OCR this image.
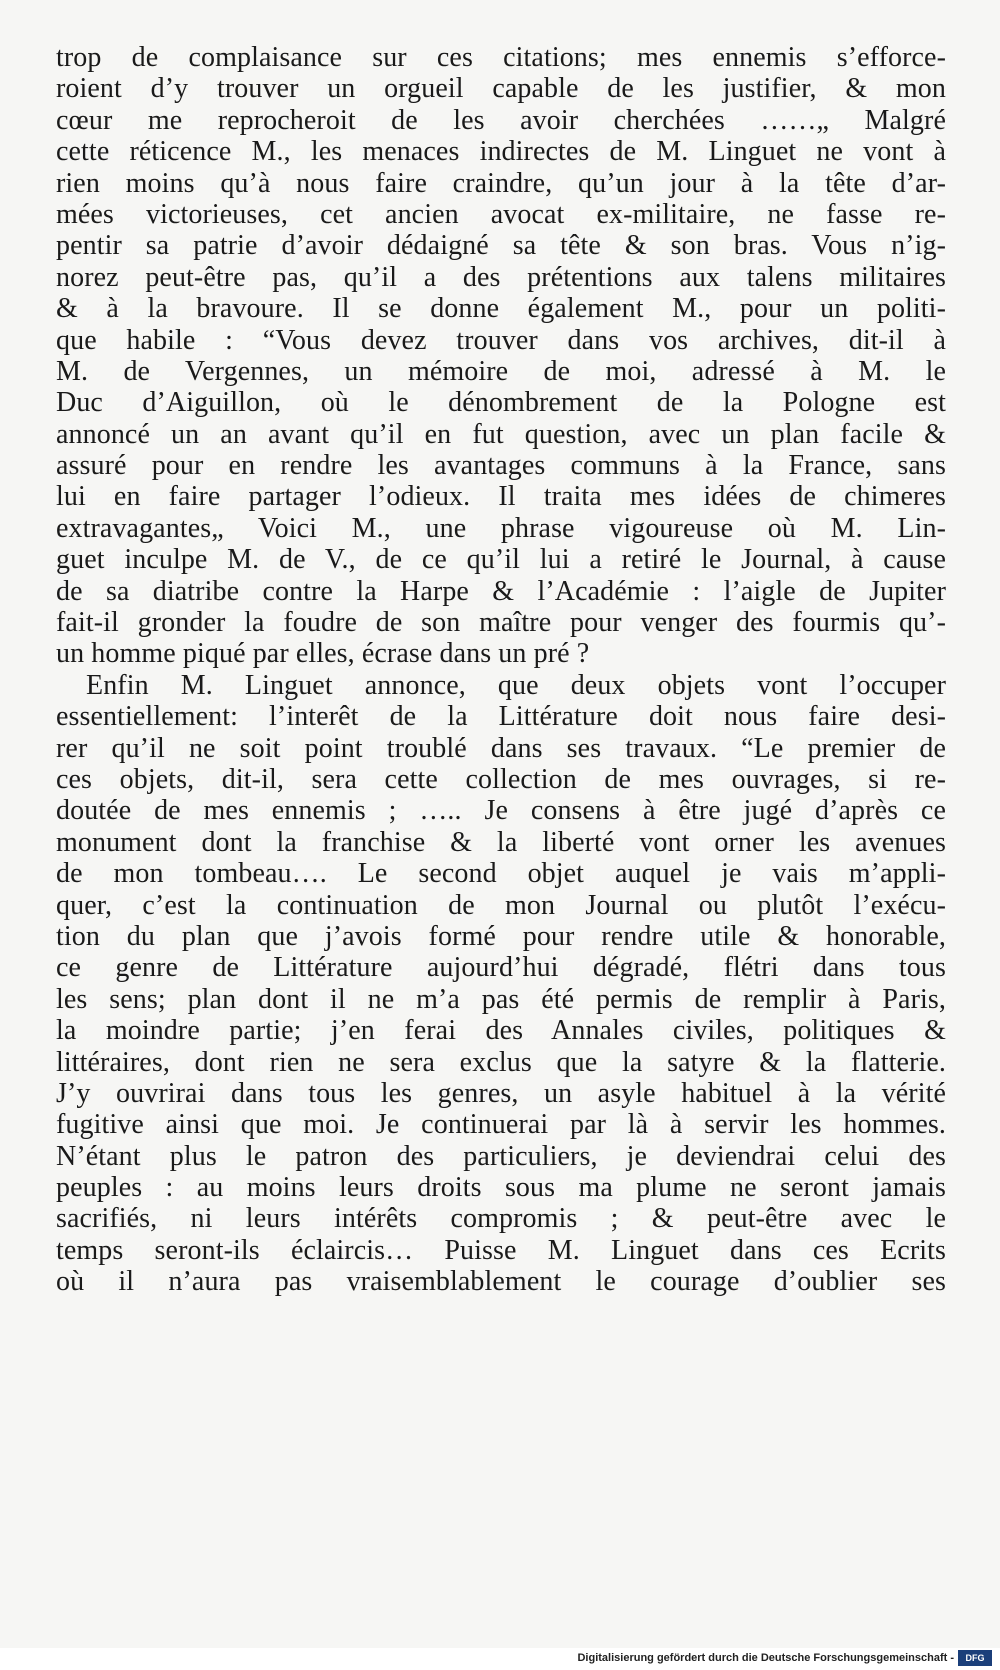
trop de complaisance sur ces citations; mes ennemis s’efforce-
roient d’y trouver un orgueil capable de les justifier, & mon
cœur me reprocheroit de les avoir cherchées ……„ Malgré
cette réticence M., les menaces indirectes de M. Linguet ne vont à
rien moins qu’à nous faire craindre, qu’un jour à la tête d’ar-
mées victorieuses, cet ancien avocat ex-militaire, ne fasse re-
pentir sa patrie d’avoir dédaigné sa tête & son bras. Vous n’ig-
norez peut-être pas, qu’il a des prétentions aux talens militaires
& à la bravoure. Il se donne également M., pour un politi-
que habile : “Vous devez trouver dans vos archives, dit-il à
M. de Vergennes, un mémoire de moi, adressé à M. le
Duc d’Aiguillon, où le dénombrement de la Pologne est
annoncé un an avant qu’il en fut question, avec un plan facile &
assuré pour en rendre les avantages communs à la France, sans
lui en faire partager l’odieux. Il traita mes idées de chimeres
extravagantes„ Voici M., une phrase vigoureuse où M. Lin-
guet inculpe M. de V., de ce qu’il lui a retiré le Journal, à cause
de sa diatribe contre la Harpe & l’Académie : l’aigle de Jupiter
fait-il gronder la foudre de son maître pour venger des fourmis qu’-
un homme piqué par elles, écrase dans un pré ?
Enfin M. Linguet annonce, que deux objets vont l’occuper
essentiellement: l’interêt de la Littérature doit nous faire desi-
rer qu’il ne soit point troublé dans ses travaux. “Le premier de
ces objets, dit-il, sera cette collection de mes ouvrages, si re-
doutée de mes ennemis ; ….. Je consens à être jugé d’après ce
monument dont la franchise & la liberté vont orner les avenues
de mon tombeau…. Le second objet auquel je vais m’appli-
quer, c’est la continuation de mon Journal ou plutôt l’exécu-
tion du plan que j’avois formé pour rendre utile & honorable,
ce genre de Littérature aujourd’hui dégradé, flétri dans tous
les sens; plan dont il ne m’a pas été permis de remplir à Paris,
la moindre partie; j’en ferai des Annales civiles, politiques &
littéraires, dont rien ne sera exclus que la satyre & la flatterie.
J’y ouvrirai dans tous les genres, un asyle habituel à la vérité
fugitive ainsi que moi. Je continuerai par là à servir les hommes.
N’étant plus le patron des particuliers, je deviendrai celui des
peuples : au moins leurs droits sous ma plume ne seront jamais
sacrifiés, ni leurs intérêts compromis ; & peut-être avec le
temps seront-ils éclaircis… Puisse M. Linguet dans ces Ecrits
où il n’aura pas vraisemblablement le courage d’oublier ses
Digitalisierung gefördert durch die Deutsche Forschungsgemeinschaft -	DFG
